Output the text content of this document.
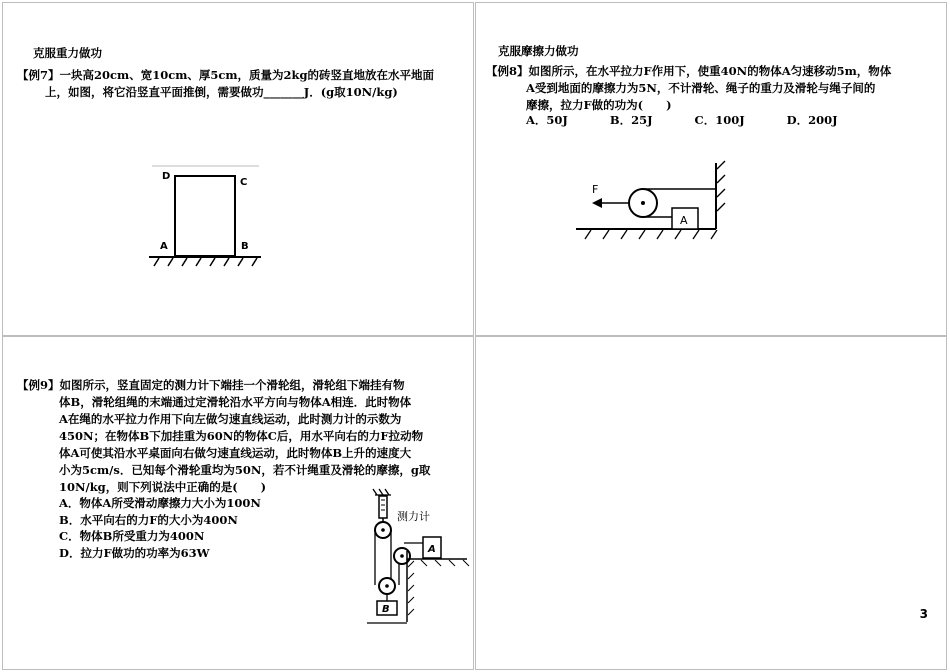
克服重力做功

【例7】一块高20cm、宽10cm、厚5cm，质量为2kg的砖竖直地放在水平地面
上，如图，将它沿竖直平面推倒，需要做功_______J．(g取10N/kg)

D
C
A	B
克服摩擦力做功

【例8】如图所示，在水平拉力F作用下，使重40N的物体A匀速移动5m，物体
A受到地面的摩擦力为5N，不计滑轮、绳子的重力及滑轮与绳子间的
摩擦，拉力F做的功为(　　)

A．50J	B．25J	C．100J	D．200J
A
F

【例9】如图所示，竖直固定的测力计下端挂一个滑轮组，滑轮组下端挂有物
体B，滑轮组绳的末端通过定滑轮沿水平方向与物体A相连．此时物体
A在绳的水平拉力作用下向左做匀速直线运动，此时测力计的示数为
450N；在物体B下加挂重为60N的物体C后，用水平向右的力F拉动物
体A可使其沿水平桌面向右做匀速直线运动，此时物体B上升的速度大
小为5cm/s．已知每个滑轮重均为50N，若不计绳重及滑轮的摩擦，g取
10N/kg，则下列说法中正确的是(　　)

A．物体A所受滑动摩擦力大小为100N
B．水平向右的力F的大小为400N
C．物体B所受重力为400N
D．拉力F做功的功率为63W
测力计
B
A
3
